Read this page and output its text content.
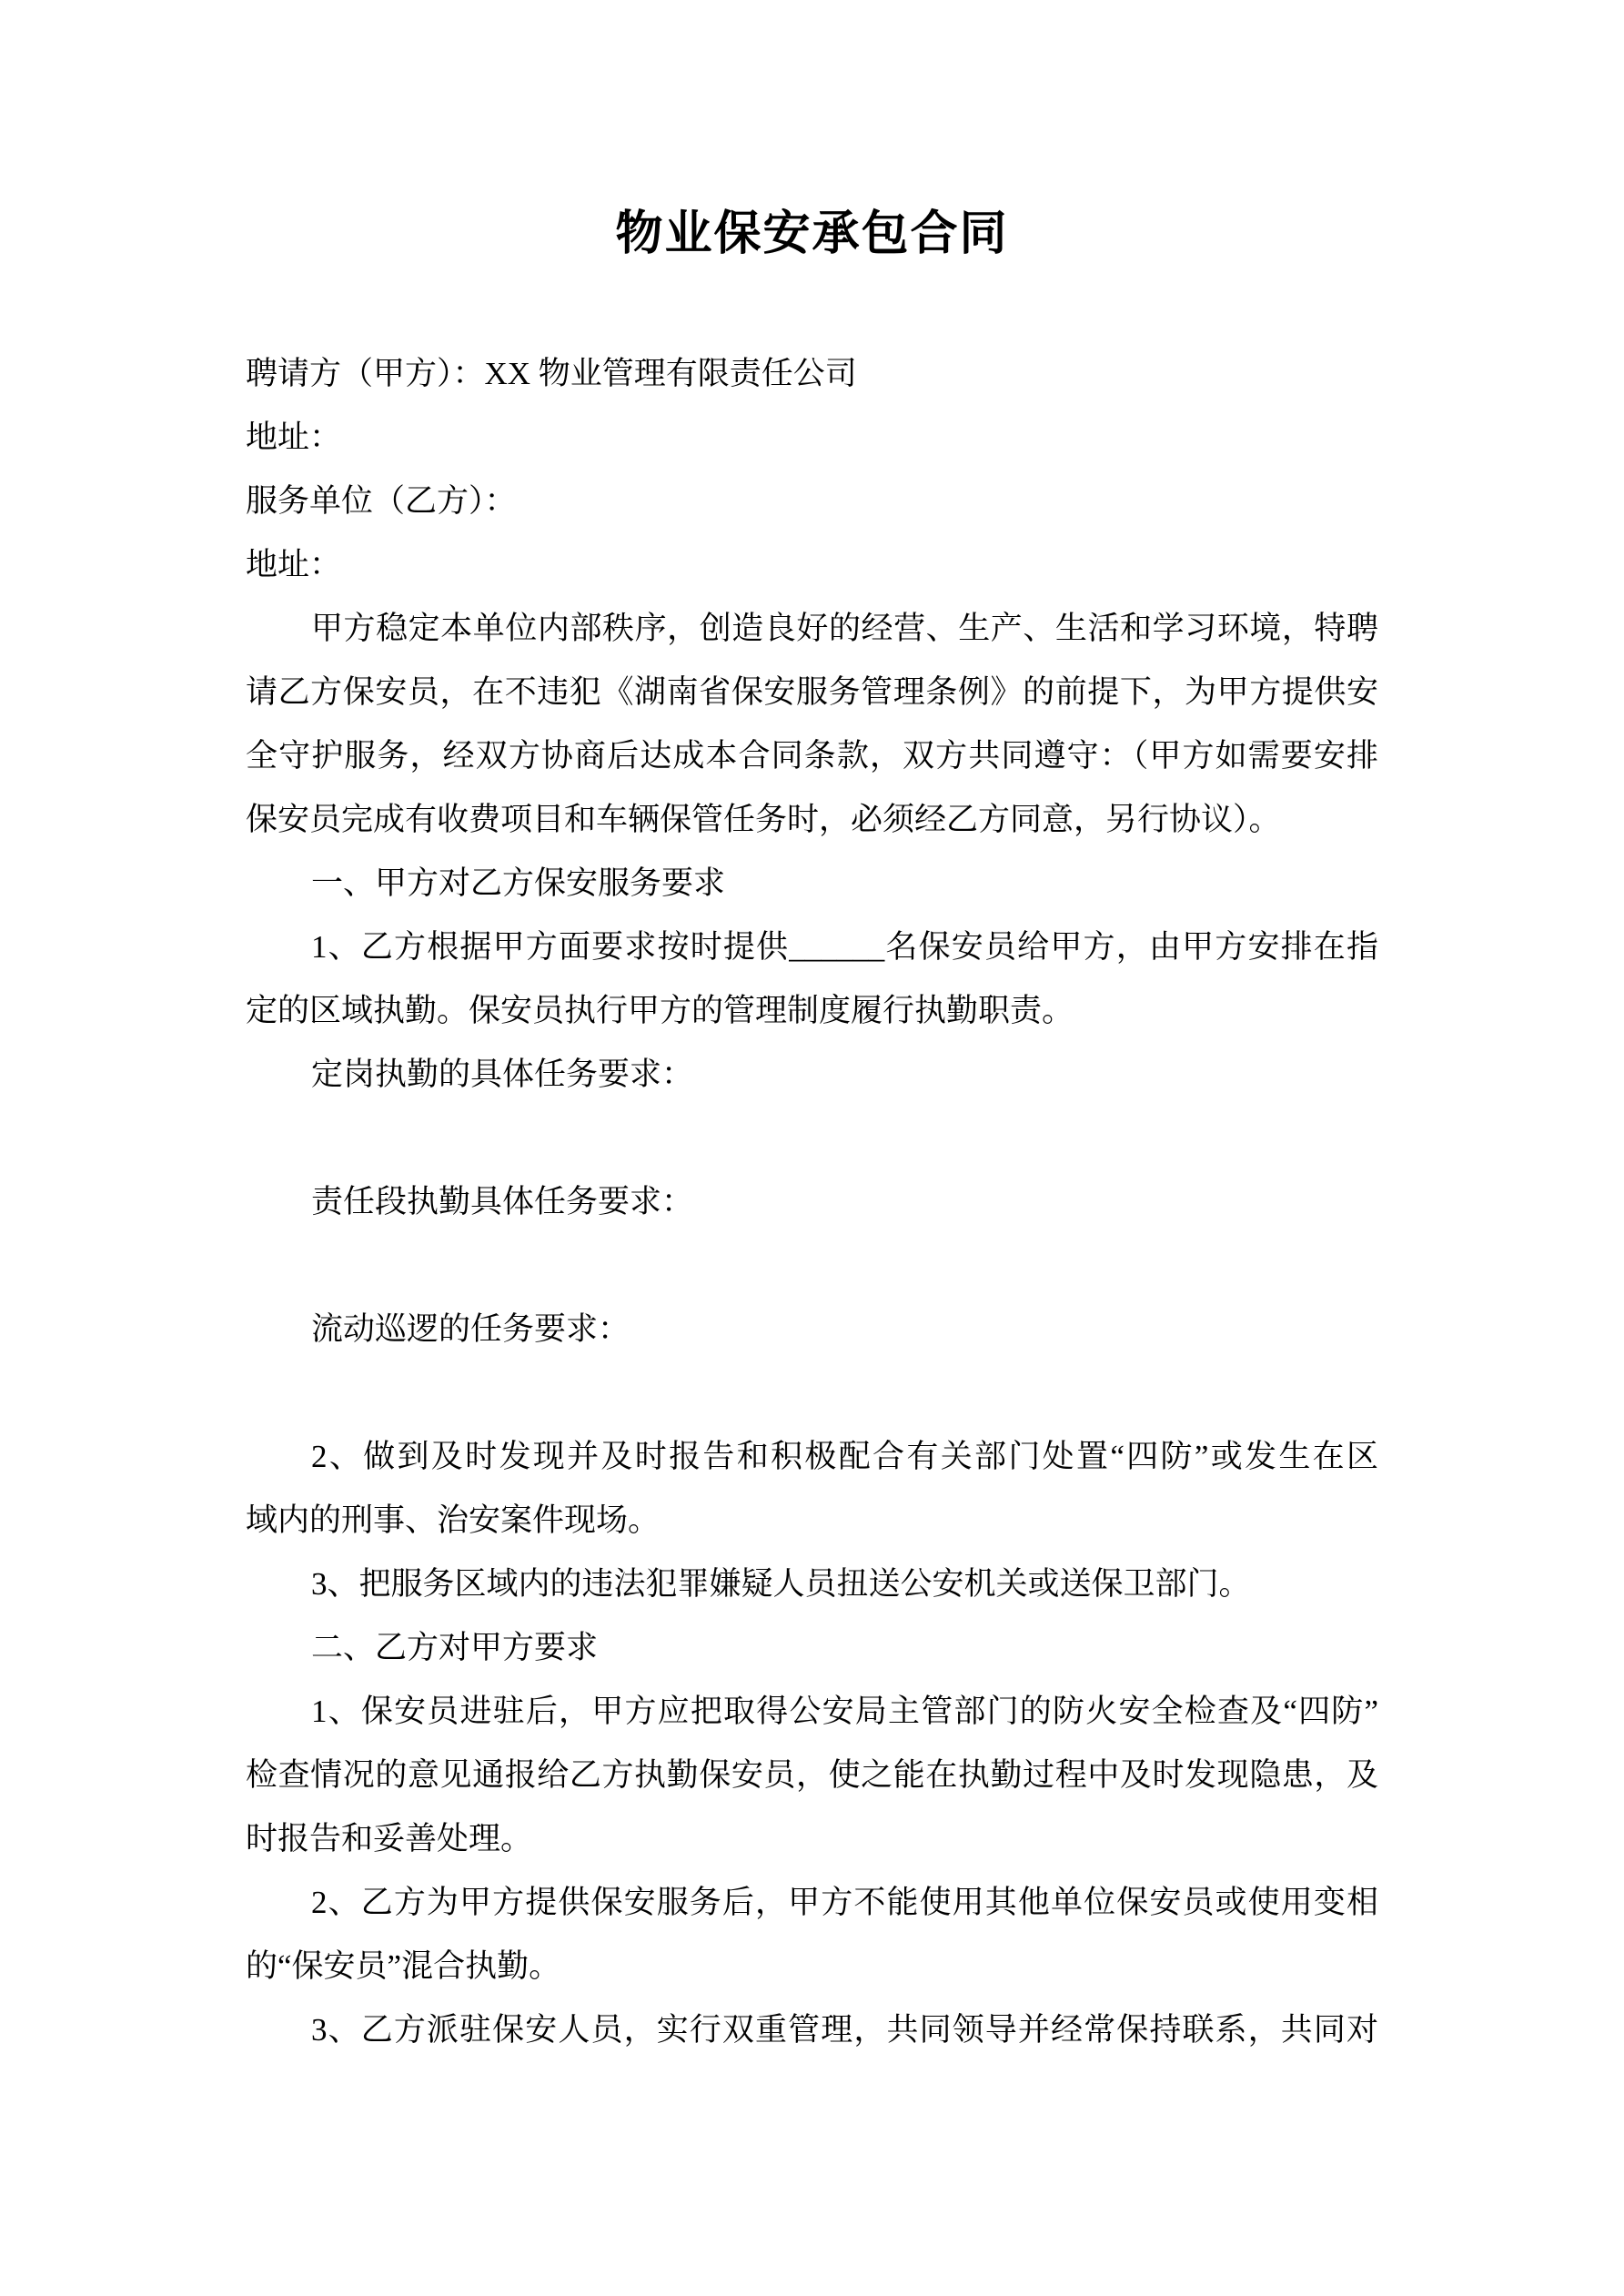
物业保安承包合同
聘请方（甲方）：XX 物业管理有限责任公司
地址：
服务单位（乙方）：
地址：
甲方稳定本单位内部秩序，创造良好的经营、生产、生活和学习环境，特聘
请乙方保安员，在不违犯《湖南省保安服务管理条例》的前提下，为甲方提供安
全守护服务，经双方协商后达成本合同条款，双方共同遵守：（甲方如需要安排
保安员完成有收费项目和车辆保管任务时，必须经乙方同意，另行协议）。
一、甲方对乙方保安服务要求
1、乙方根据甲方面要求按时提供______名保安员给甲方，由甲方安排在指
定的区域执勤。保安员执行甲方的管理制度履行执勤职责。
定岗执勤的具体任务要求：
责任段执勤具体任务要求：
流动巡逻的任务要求：
2、做到及时发现并及时报告和积极配合有关部门处置“四防”或发生在区
域内的刑事、治安案件现场。
3、把服务区域内的违法犯罪嫌疑人员扭送公安机关或送保卫部门。
二、乙方对甲方要求
1、保安员进驻后，甲方应把取得公安局主管部门的防火安全检查及“四防”
检查情况的意见通报给乙方执勤保安员，使之能在执勤过程中及时发现隐患，及
时报告和妥善处理。
2、乙方为甲方提供保安服务后，甲方不能使用其他单位保安员或使用变相
的“保安员”混合执勤。
3、乙方派驻保安人员，实行双重管理，共同领导并经常保持联系，共同对
